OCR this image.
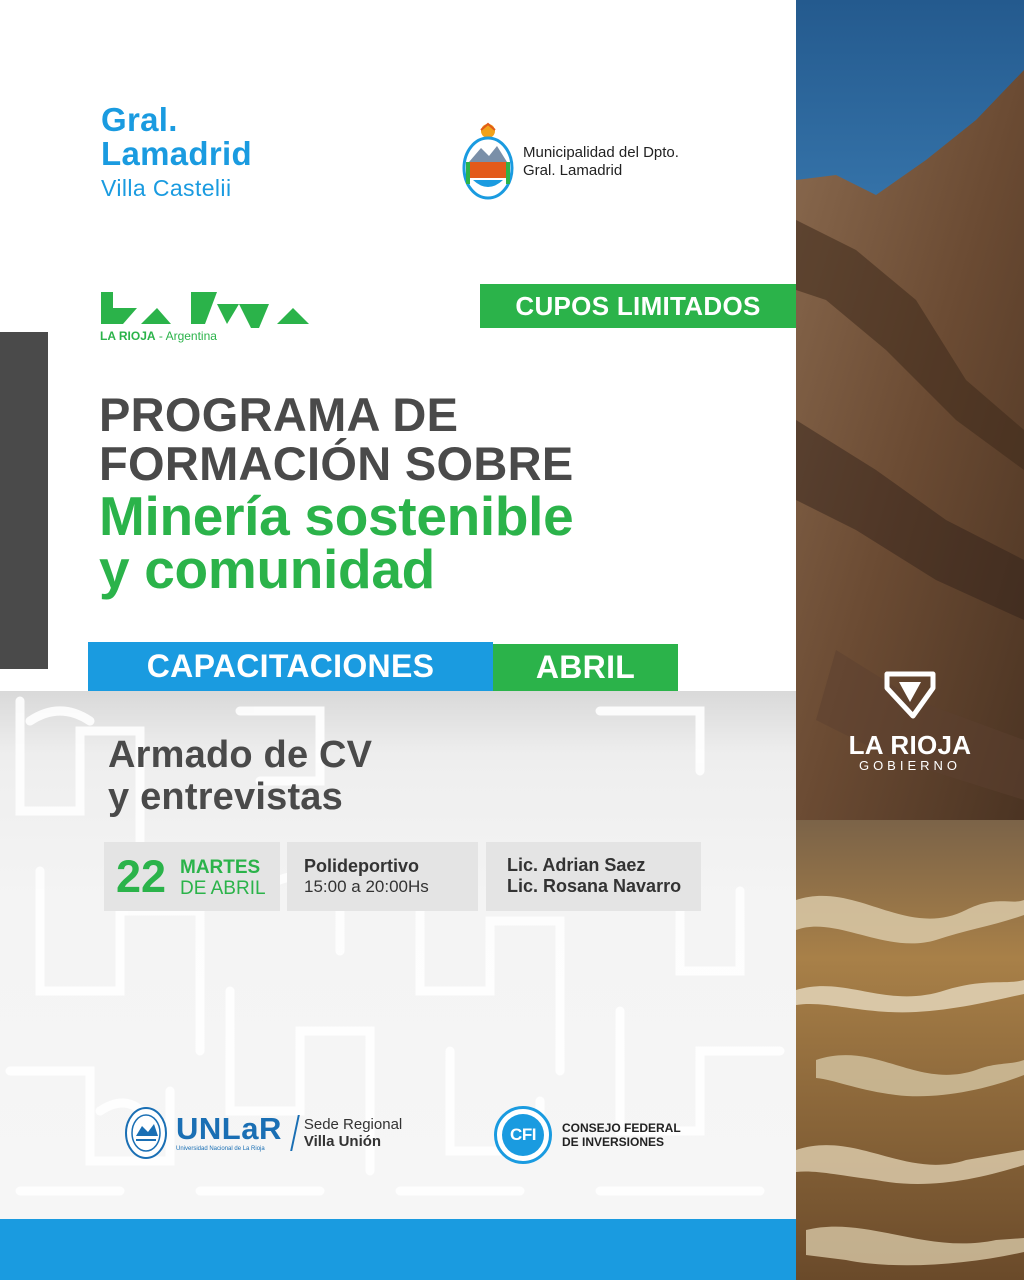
LA RIOJA
GOBIERNO
Gral.
Lamadrid
Villa Castelii
Municipalidad del Dpto.
Gral. Lamadrid
LA RIOJA - Argentina
CUPOS LIMITADOS
PROGRAMA DE
FORMACIÓN SOBRE
Minería sostenible
y comunidad
CAPACITACIONES	ABRIL
Armado de CV
y entrevistas
22 MARTES
DE ABRIL
Polideportivo
15:00 a 20:00Hs
Lic. Adrian Saez
Lic. Rosana Navarro
UNLaR
Universidad Nacional de La Rioja
Sede Regional
Villa Unión	CFI	CONSEJO FEDERAL
DE INVERSIONES
